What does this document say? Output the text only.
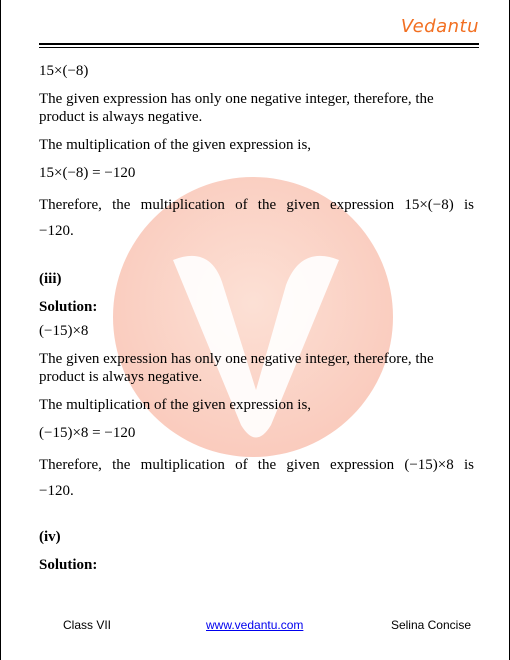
Vedantu

15×(−8)

The given expression has only one negative integer, therefore, the product is always negative.

The multiplication of the given expression is,

15×(−8) = −120

Therefore, the multiplication of the given expression 15×(−8) is

−120.

(iii)

Solution:

(−15)×8

The given expression has only one negative integer, therefore, the product is always negative.

The multiplication of the given expression is,

(−15)×8 = −120

Therefore, the multiplication of the given expression (−15)×8 is

−120.

(iv)

Solution:

Class VII	www.vedantu.com	Selina Concise
